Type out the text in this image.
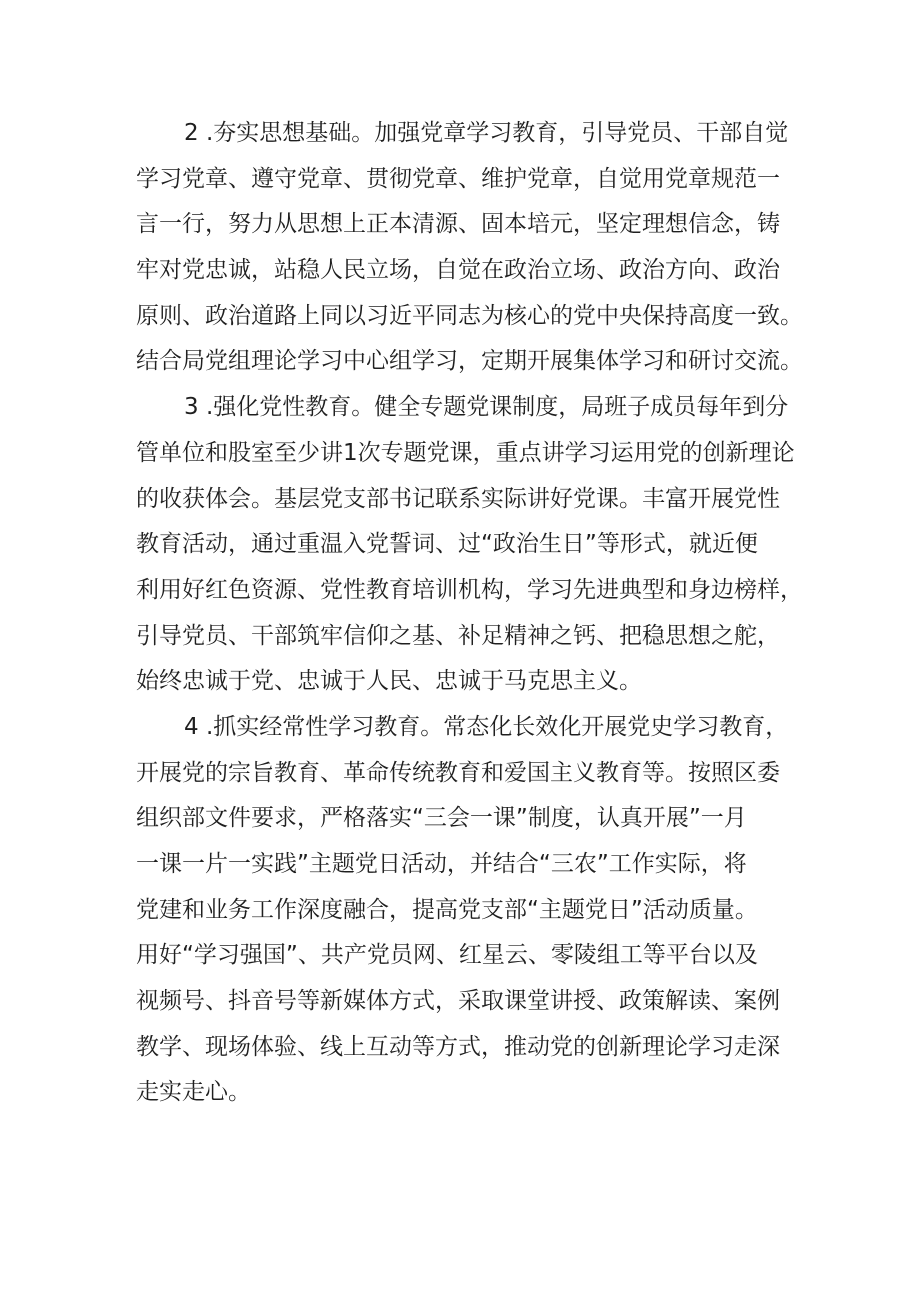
2 .夯实思想基础。加强党章学习教育，引导党员、干部自觉
学习党章、遵守党章、贯彻党章、维护党章，自觉用党章规范一
言一行，努力从思想上正本清源、固本培元，坚定理想信念，铸
牢对党忠诚，站稳人民立场，自觉在政治立场、政治方向、政治
原则、政治道路上同以习近平同志为核心的党中央保持高度一致。
结合局党组理论学习中心组学习，定期开展集体学习和研讨交流。
3 .强化党性教育。健全专题党课制度，局班子成员每年到分
管单位和股室至少讲1次专题党课，重点讲学习运用党的创新理论
的收获体会。基层党支部书记联系实际讲好党课。丰富开展党性
教育活动，通过重温入党誓词、过“政治生日”等形式，就近便
利用好红色资源、党性教育培训机构，学习先进典型和身边榜样，
引导党员、干部筑牢信仰之基、补足精神之钙、把稳思想之舵，
始终忠诚于党、忠诚于人民、忠诚于马克思主义。
4 .抓实经常性学习教育。常态化长效化开展党史学习教育，
开展党的宗旨教育、革命传统教育和爱国主义教育等。按照区委
组织部文件要求，严格落实“三会一课”制度，认真开展”一月
一课一片一实践”主题党日活动，并结合“三农”工作实际，将
党建和业务工作深度融合，提高党支部“主题党日”活动质量。
用好“学习强国”、共产党员网、红星云、零陵组工等平台以及
视频号、抖音号等新媒体方式，采取课堂讲授、政策解读、案例
教学、现场体验、线上互动等方式，推动党的创新理论学习走深
走实走心。
